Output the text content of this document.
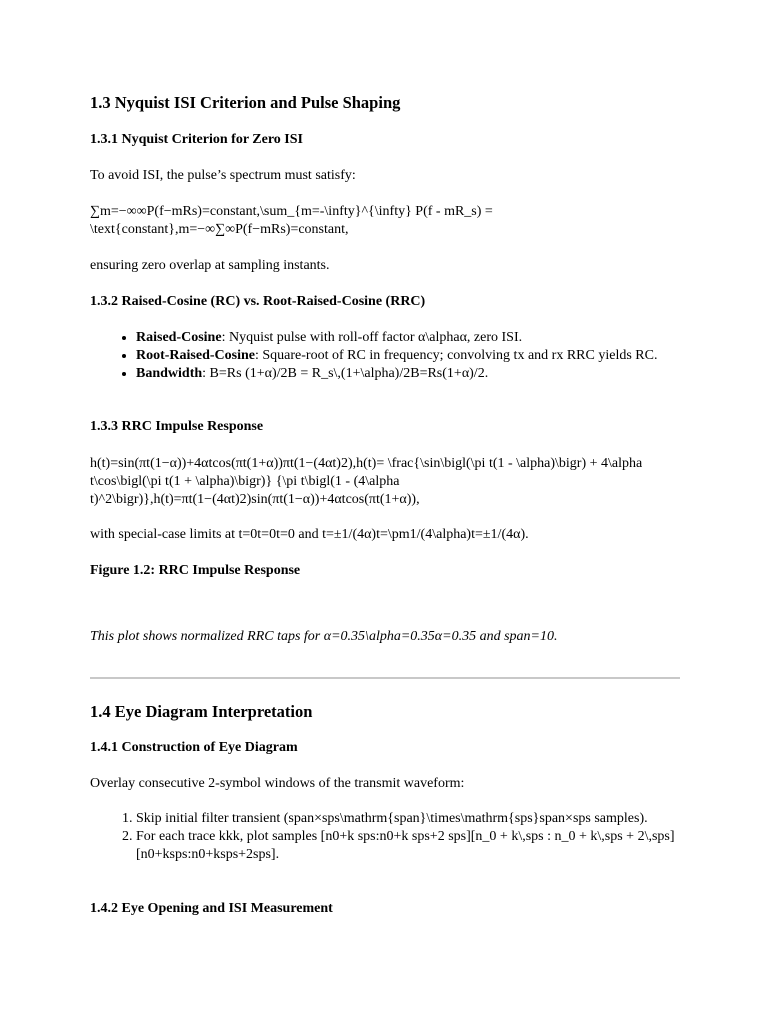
1.3 Nyquist ISI Criterion and Pulse Shaping
1.3.1 Nyquist Criterion for Zero ISI

To avoid ISI, the pulse’s spectrum must satisfy:

∑m=−∞∞P(f−mRs)=constant,\sum_{m=-\infty}^{\infty} P(f - mR_s) = \text{constant},m=−∞∑∞P(f−mRs)=constant,

ensuring zero overlap at sampling instants.

1.3.2 Raised-Cosine (RC) vs. Root-Raised-Cosine (RRC)
• Raised-Cosine: Nyquist pulse with roll-off factor α\alphaα, zero ISI.
• Root-Raised-Cosine: Square-root of RC in frequency; convolving tx and rx RRC yields RC.
• Bandwidth: B=Rs (1+α)/2B = R_s\,(1+\alpha)/2B=Rs(1+α)/2.
1.3.3 RRC Impulse Response

h(t)=sin⁡(πt(1−α))+4αtcos⁡(πt(1+α))πt(1−(4αt)2),h(t)= \frac{\sin\bigl(\pi t(1 - \alpha)\bigr) + 4\alpha t\cos\bigl(\pi t(1 + \alpha)\bigr)} {\pi t\bigl(1 - (4\alpha t)^2\bigr)},h(t)=πt(1−(4αt)2)sin(πt(1−α))+4αtcos(πt(1+α)),

with special-case limits at t=0t=0t=0 and t=±1/(4α)t=\pm1/(4\alpha)t=±1/(4α).

Figure 1.2: RRC Impulse Response

This plot shows normalized RRC taps for α=0.35\alpha=0.35α=0.35 and span=10.

1.4 Eye Diagram Interpretation
1.4.1 Construction of Eye Diagram

Overlay consecutive 2-symbol windows of the transmit waveform:

1. Skip initial filter transient (span×sps\mathrm{span}\times\mathrm{sps}span×sps samples).
2. For each trace kkk, plot samples [n0+k sps:n0+k sps+2 sps][n_0 + k\,sps : n_0 + k\,sps + 2\,sps][n0+ksps:n0+ksps+2sps].
1.4.2 Eye Opening and ISI Measurement
